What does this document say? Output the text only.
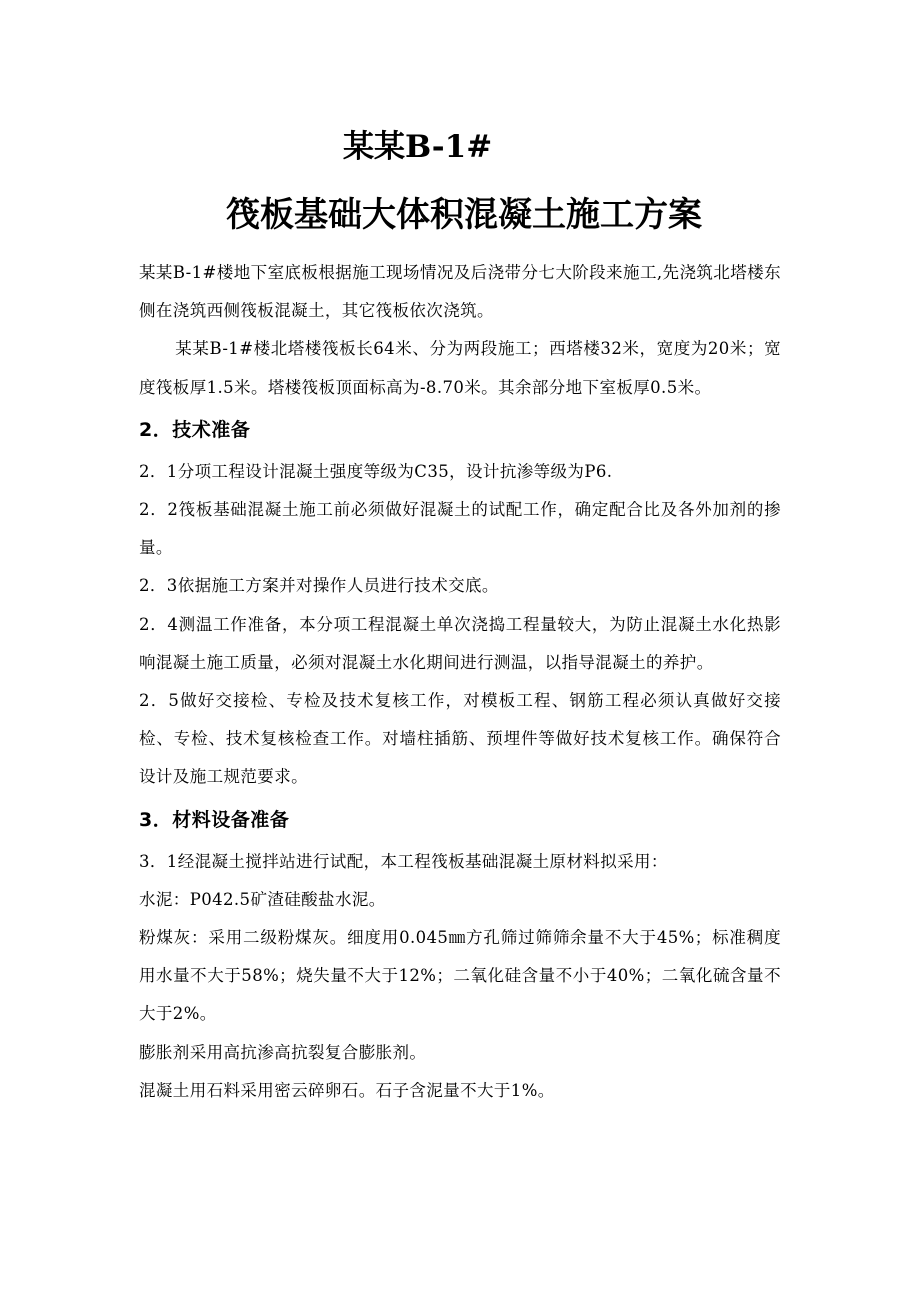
某某B-1#
筏板基础大体积混凝土施工方案

某某B-1#楼地下室底板根据施工现场情况及后浇带分七大阶段来施工,先浇筑北塔楼东侧在浇筑西侧筏板混凝土，其它筏板依次浇筑。

某某B-1#楼北塔楼筏板长64米、分为两段施工；西塔楼32米，宽度为20米；宽度筏板厚1.5米。塔楼筏板顶面标高为-8.70米。其余部分地下室板厚0.5米。

2．技术准备

2．1分项工程设计混凝土强度等级为C35，设计抗渗等级为P6.

2．2筏板基础混凝土施工前必须做好混凝土的试配工作，确定配合比及各外加剂的掺量。

2．3依据施工方案并对操作人员进行技术交底。

2．4测温工作准备，本分项工程混凝土单次浇捣工程量较大，为防止混凝土水化热影响混凝土施工质量，必须对混凝土水化期间进行测温，以指导混凝土的养护。

2．5做好交接检、专检及技术复核工作，对模板工程、钢筋工程必须认真做好交接检、专检、技术复核检查工作。对墙柱插筋、预埋件等做好技术复核工作。确保符合设计及施工规范要求。

3．材料设备准备

3．1经混凝土搅拌站进行试配，本工程筏板基础混凝土原材料拟采用：

水泥：P042.5矿渣硅酸盐水泥。

粉煤灰：采用二级粉煤灰。细度用0.045㎜方孔筛过筛筛余量不大于45%；标准稠度用水量不大于58%；烧失量不大于12%；二氧化硅含量不小于40%；二氧化硫含量不大于2%。

膨胀剂采用高抗渗高抗裂复合膨胀剂。

混凝土用石料采用密云碎卵石。石子含泥量不大于1%。
